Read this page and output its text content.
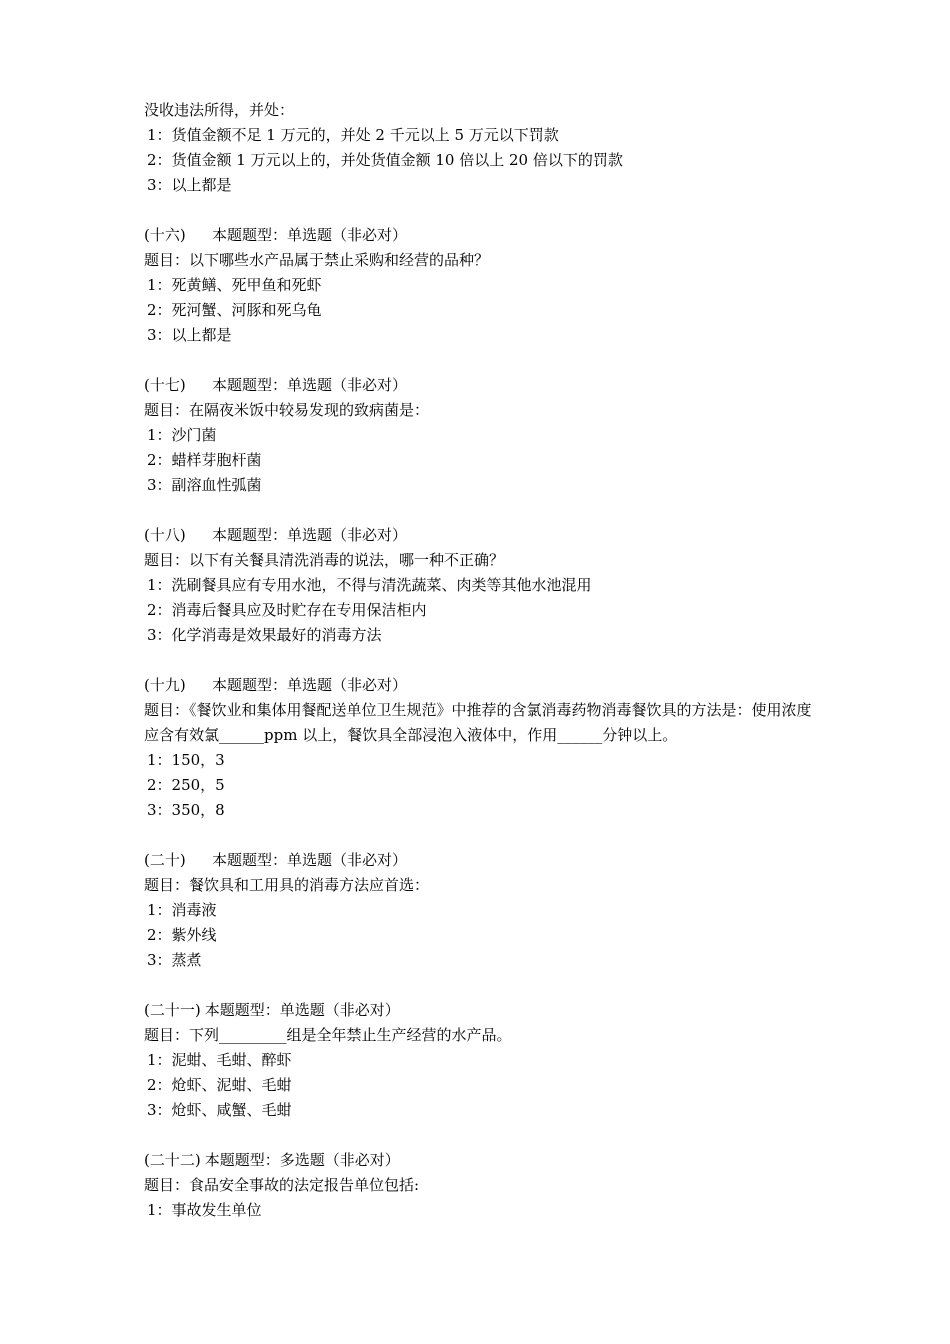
没收违法所得，并处：
1：货值金额不足 1 万元的，并处 2 千元以上 5 万元以下罚款
2：货值金额 1 万元以上的，并处货值金额 10 倍以上 20 倍以下的罚款
3：以上都是
(十六)	本题题型：单选题（非必对）
题目：以下哪些水产品属于禁止采购和经营的品种？
1：死黄鳝、死甲鱼和死虾
2：死河蟹、河豚和死乌龟
3：以上都是
(十七)	本题题型：单选题（非必对）
题目：在隔夜米饭中较易发现的致病菌是：
1：沙门菌
2：蜡样芽胞杆菌
3：副溶血性弧菌
(十八)	本题题型：单选题（非必对）
题目：以下有关餐具清洗消毒的说法，哪一种不正确？
1：洗刷餐具应有专用水池，不得与清洗蔬菜、肉类等其他水池混用
2：消毒后餐具应及时贮存在专用保洁柜内
3：化学消毒是效果最好的消毒方法
(十九)	本题题型：单选题（非必对）
题目：《餐饮业和集体用餐配送单位卫生规范》中推荐的含氯消毒药物消毒餐饮具的方法是：使用浓度应含有效氯______ppm 以上，餐饮具全部浸泡入液体中，作用______分钟以上。
1：150，3
2：250，5
3：350，8
(二十)	本题题型：单选题（非必对）
题目：餐饮具和工用具的消毒方法应首选：
1：消毒液
2：紫外线
3：蒸煮
(二十一) 本题题型：单选题（非必对）
题目：下列_________组是全年禁止生产经营的水产品。
1：泥蚶、毛蚶、醉虾
2：炝虾、泥蚶、毛蚶
3：炝虾、咸蟹、毛蚶
(二十二) 本题题型：多选题（非必对）
题目：食品安全事故的法定报告单位包括:
1：事故发生单位
